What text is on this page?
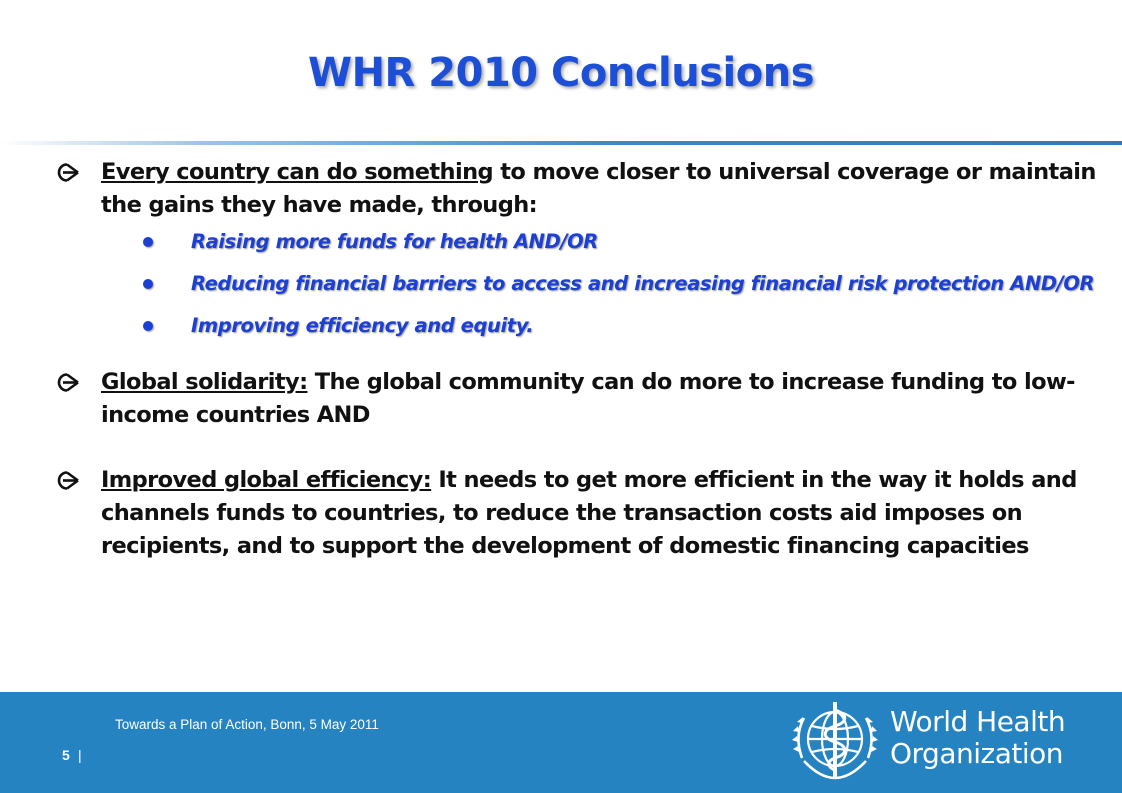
WHR 2010 Conclusions
Every country can do something to move closer to universal coverage or maintain the gains they have made, through:
Raising more funds for health AND/OR
Reducing financial barriers to access and increasing financial risk protection AND/OR
Improving efficiency and equity.
Global solidarity: The global community can do more to increase funding to low-income countries AND
Improved global efficiency: It needs to get more efficient in the way it holds and channels funds to countries, to reduce the transaction costs aid imposes on recipients, and to support the development of domestic financing capacities
Towards a Plan of Action, Bonn, 5 May 2011
5 |
World Health
Organization
